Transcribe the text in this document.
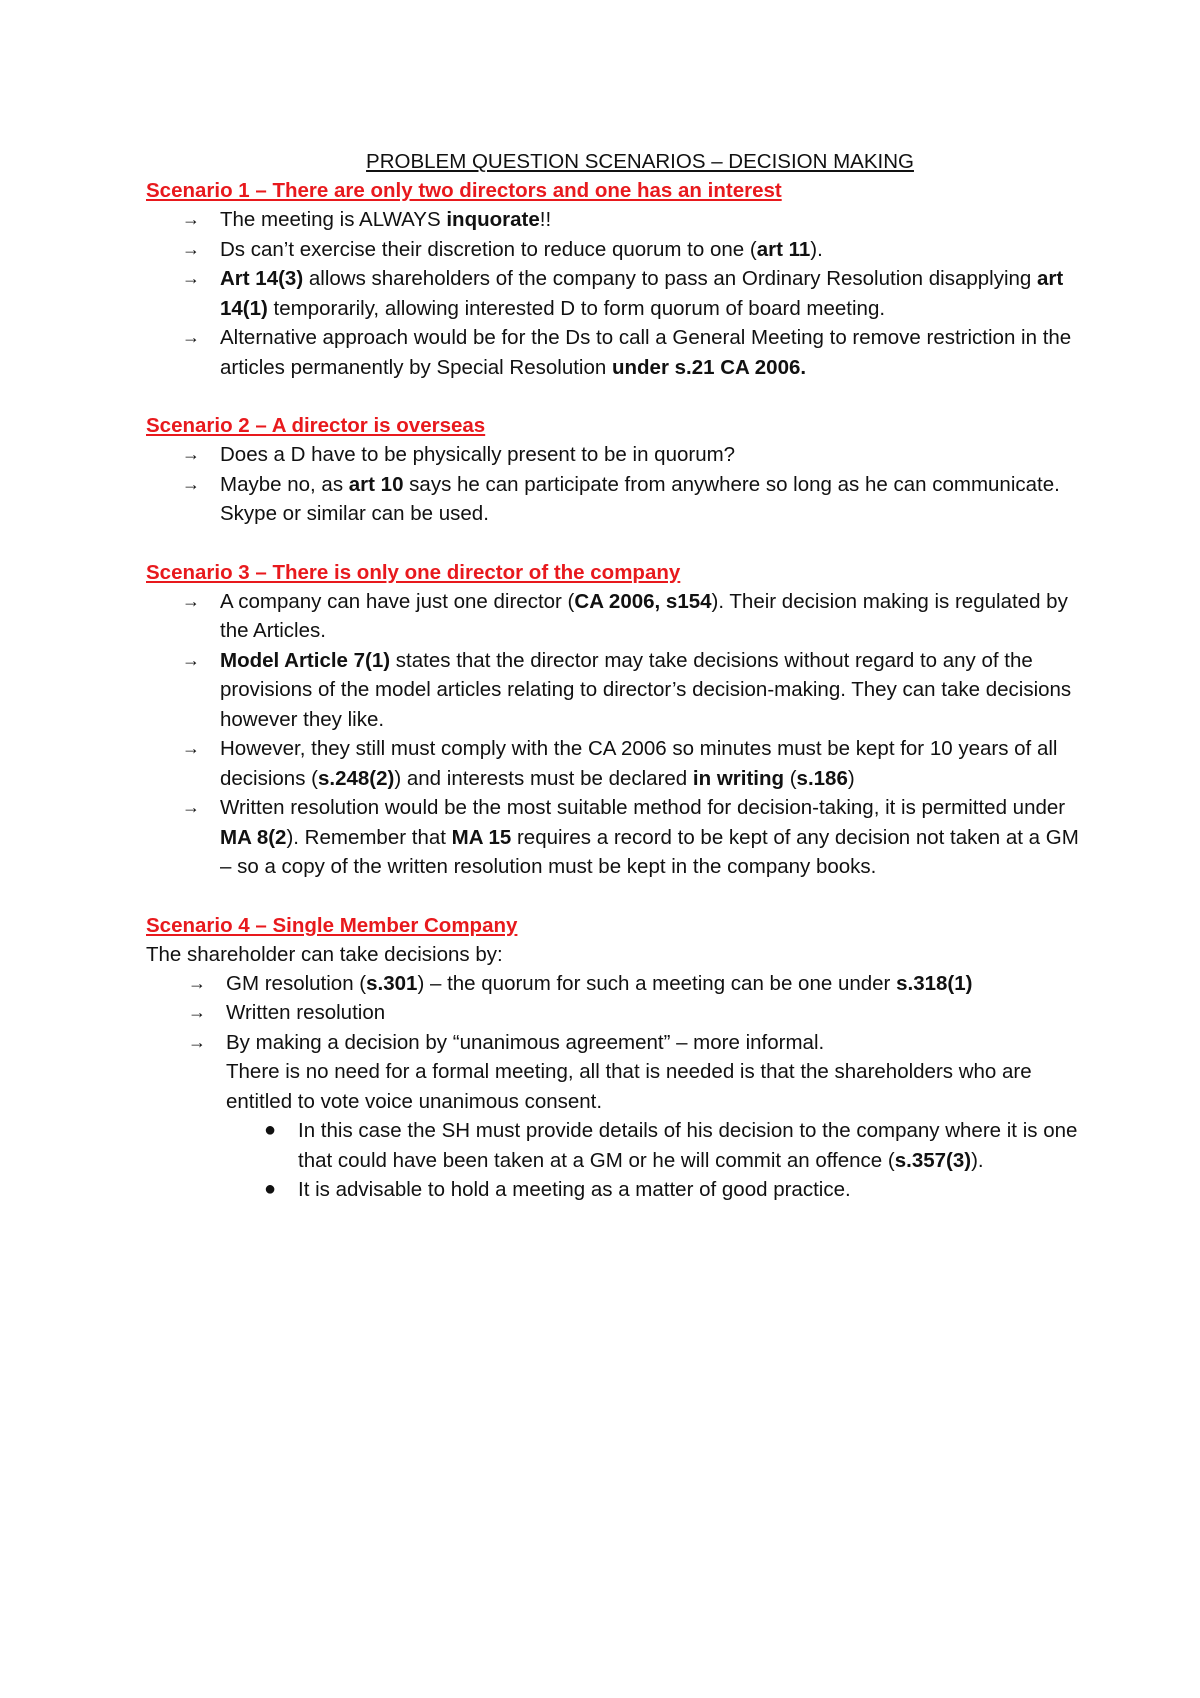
PROBLEM QUESTION SCENARIOS – DECISION MAKING
Scenario 1 – There are only two directors and one has an interest
→ The meeting is ALWAYS inquorate!!
→ Ds can’t exercise their discretion to reduce quorum to one (art 11).
→ Art 14(3) allows shareholders of the company to pass an Ordinary Resolution disapplying art 14(1) temporarily, allowing interested D to form quorum of board meeting.
→ Alternative approach would be for the Ds to call a General Meeting to remove restriction in the articles permanently by Special Resolution under s.21 CA 2006.
Scenario 2 – A director is overseas
→ Does a D have to be physically present to be in quorum?
→ Maybe no, as art 10 says he can participate from anywhere so long as he can communicate. Skype or similar can be used.
Scenario 3 – There is only one director of the company
→ A company can have just one director (CA 2006, s154). Their decision making is regulated by the Articles.
→ Model Article 7(1) states that the director may take decisions without regard to any of the provisions of the model articles relating to director’s decision-making. They can take decisions however they like.
→ However, they still must comply with the CA 2006 so minutes must be kept for 10 years of all decisions (s.248(2)) and interests must be declared in writing (s.186)
→ Written resolution would be the most suitable method for decision-taking, it is permitted under MA 8(2). Remember that MA 15 requires a record to be kept of any decision not taken at a GM – so a copy of the written resolution must be kept in the company books.
Scenario 4 – Single Member Company
The shareholder can take decisions by:
→ GM resolution (s.301) – the quorum for such a meeting can be one under s.318(1)
→ Written resolution
→ By making a decision by “unanimous agreement” – more informal.
There is no need for a formal meeting, all that is needed is that the shareholders who are entitled to vote voice unanimous consent.
● In this case the SH must provide details of his decision to the company where it is one that could have been taken at a GM or he will commit an offence (s.357(3)).
● It is advisable to hold a meeting as a matter of good practice.
